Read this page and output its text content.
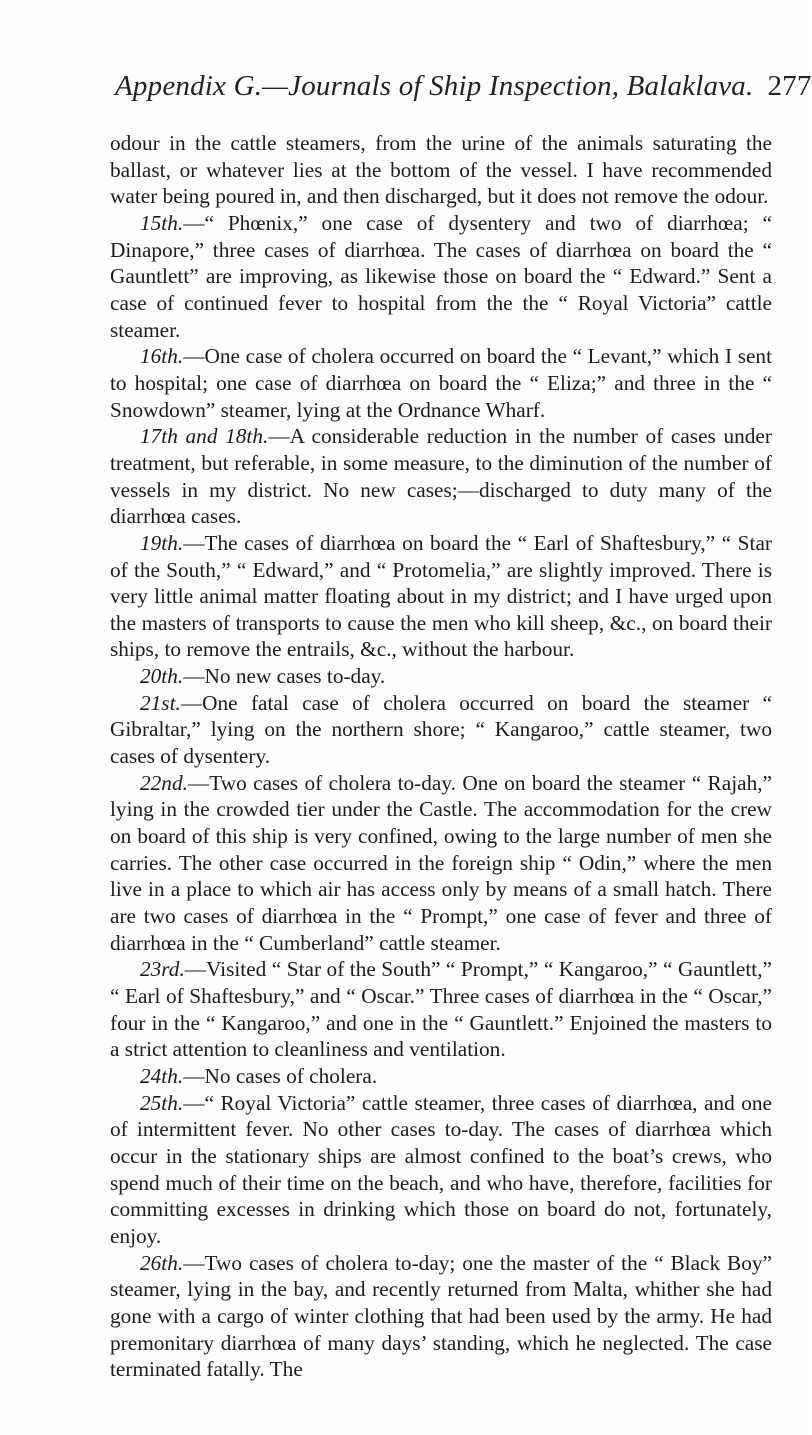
Appendix G.—Journals of Ship Inspection, Balaklava. 277

odour in the cattle steamers, from the urine of the animals saturating the ballast, or whatever lies at the bottom of the vessel. I have recommended water being poured in, and then discharged, but it does not remove the odour.

15th.—“ Phœnix,” one case of dysentery and two of diarrhœa; “ Dinapore,” three cases of diarrhœa. The cases of diarrhœa on board the “ Gauntlett” are improving, as likewise those on board the “ Edward.” Sent a case of continued fever to hospital from the the “ Royal Victoria” cattle steamer.

16th.—One case of cholera occurred on board the “ Levant,” which I sent to hospital; one case of diarrhœa on board the “ Eliza;” and three in the “ Snowdown” steamer, lying at the Ordnance Wharf.

17th and 18th.—A considerable reduction in the number of cases under treatment, but referable, in some measure, to the diminution of the number of vessels in my district. No new cases;—discharged to duty many of the diarrhœa cases.

19th.—The cases of diarrhœa on board the “ Earl of Shaftesbury,” “ Star of the South,” “ Edward,” and “ Protomelia,” are slightly improved. There is very little animal matter floating about in my district; and I have urged upon the masters of transports to cause the men who kill sheep, &c., on board their ships, to remove the entrails, &c., without the harbour.

20th.—No new cases to-day.

21st.—One fatal case of cholera occurred on board the steamer “ Gibraltar,” lying on the northern shore; “ Kangaroo,” cattle steamer, two cases of dysentery.

22nd.—Two cases of cholera to-day. One on board the steamer “ Rajah,” lying in the crowded tier under the Castle. The accommodation for the crew on board of this ship is very confined, owing to the large number of men she carries. The other case occurred in the foreign ship “ Odin,” where the men live in a place to which air has access only by means of a small hatch. There are two cases of diarrhœa in the “ Prompt,” one case of fever and three of diarrhœa in the “ Cumberland” cattle steamer.

23rd.—Visited “ Star of the South” “ Prompt,” “ Kangaroo,” “ Gauntlett,” “ Earl of Shaftesbury,” and “ Oscar.” Three cases of diarrhœa in the “ Oscar,” four in the “ Kangaroo,” and one in the “ Gauntlett.” Enjoined the masters to a strict attention to cleanliness and ventilation.

24th.—No cases of cholera.

25th.—“ Royal Victoria” cattle steamer, three cases of diarrhœa, and one of intermittent fever. No other cases to-day. The cases of diarrhœa which occur in the stationary ships are almost confined to the boat’s crews, who spend much of their time on the beach, and who have, therefore, facilities for committing excesses in drinking which those on board do not, fortunately, enjoy.

26th.—Two cases of cholera to-day; one the master of the “ Black Boy” steamer, lying in the bay, and recently returned from Malta, whither she had gone with a cargo of winter clothing that had been used by the army. He had premonitary diarrhœa of many days’ standing, which he neglected. The case terminated fatally. The
